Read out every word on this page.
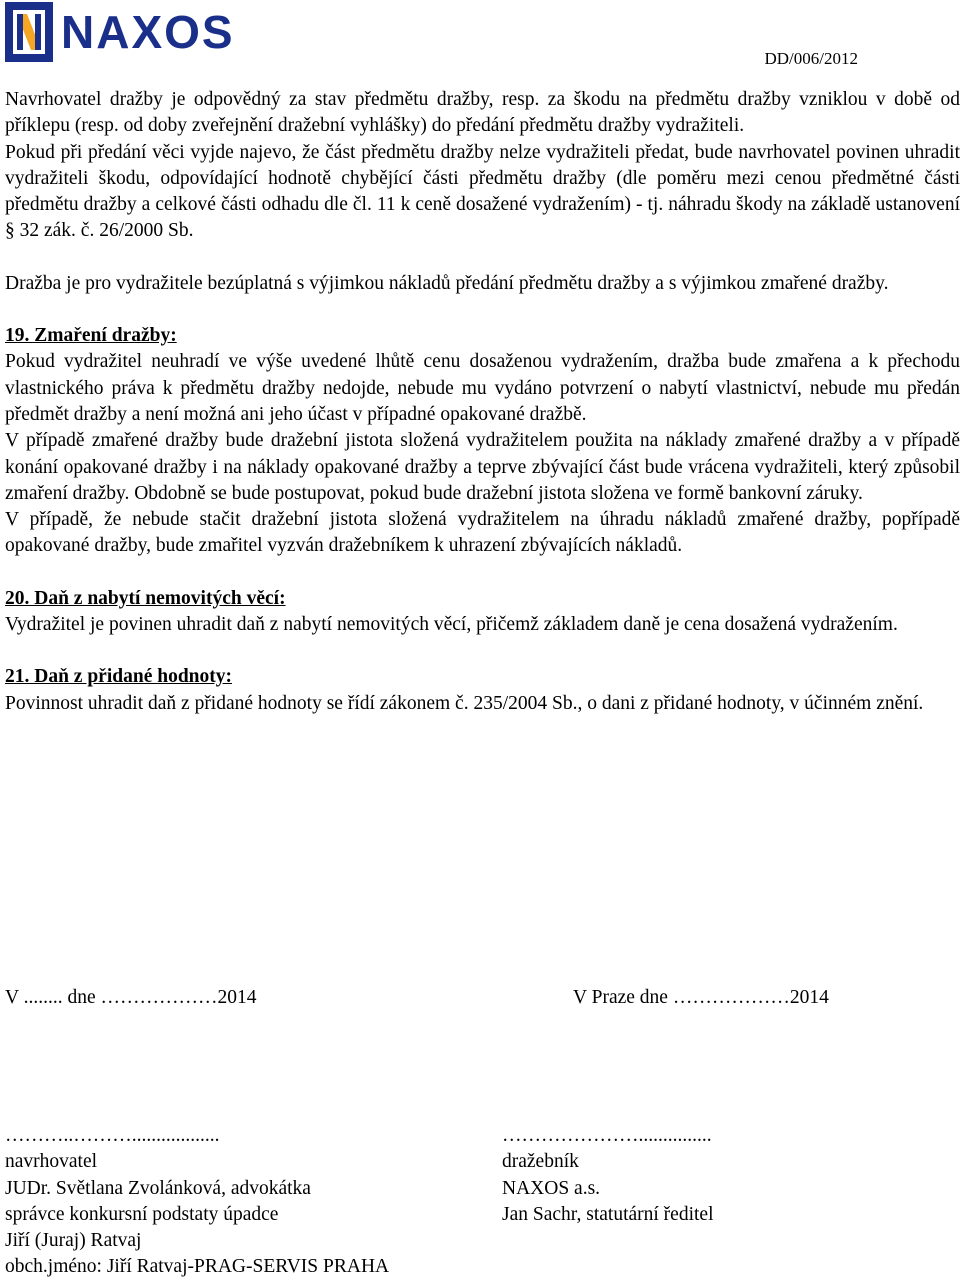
NAXOS
DD/006/2012

Navrhovatel dražby je odpovědný za stav předmětu dražby, resp. za škodu na předmětu dražby vzniklou v době od příklepu (resp. od doby zveřejnění dražební vyhlášky) do předání předmětu dražby vydražiteli.

Pokud při předání věci vyjde najevo, že část předmětu dražby nelze vydražiteli předat, bude navrhovatel povinen uhradit vydražiteli škodu, odpovídající hodnotě chybějící části předmětu dražby (dle poměru mezi cenou předmětné části předmětu dražby a celkové části odhadu dle čl. 11 k ceně dosažené vydražením) - tj. náhradu škody na základě ustanovení § 32 zák. č. 26/2000 Sb.

Dražba je pro vydražitele bezúplatná s výjimkou nákladů předání předmětu dražby a s výjimkou zmařené dražby.

19. Zmaření dražby:

Pokud vydražitel neuhradí ve výše uvedené lhůtě cenu dosaženou vydražením, dražba bude zmařena a k přechodu vlastnického práva k předmětu dražby nedojde, nebude mu vydáno potvrzení o nabytí vlastnictví, nebude mu předán předmět dražby a není možná ani jeho účast v případné opakované dražbě.

V případě zmařené dražby bude dražební jistota složená vydražitelem použita na náklady zmařené dražby a v případě konání opakované dražby i na náklady opakované dražby a teprve zbývající část bude vrácena vydražiteli, který způsobil zmaření dražby. Obdobně se bude postupovat, pokud bude dražební jistota složena ve formě bankovní záruky.

V případě, že nebude stačit dražební jistota složená vydražitelem na úhradu nákladů zmařené dražby, popřípadě opakované dražby, bude zmařitel vyzván dražebníkem k uhrazení zbývajících nákladů.

20. Daň z nabytí nemovitých věcí:

Vydražitel je povinen uhradit daň z nabytí nemovitých věcí, přičemž základem daně je cena dosažená vydražením.

21. Daň z přidané hodnoty:

Povinnost uhradit daň z přidané hodnoty se řídí zákonem č. 235/2004 Sb., o dani z přidané hodnoty, v účinném znění.

V ........ dne ………………2014	V Praze dne ………………2014
………..………..................
navrhovatel
JUDr. Světlana Zvolánková, advokátka
správce konkursní podstaty úpadce
Jiří (Juraj) Ratvaj
obch.jméno: Jiří Ratvaj-PRAG-SERVIS PRAHA
…………………...............
dražebník
NAXOS a.s.
Jan Sachr, statutární ředitel
